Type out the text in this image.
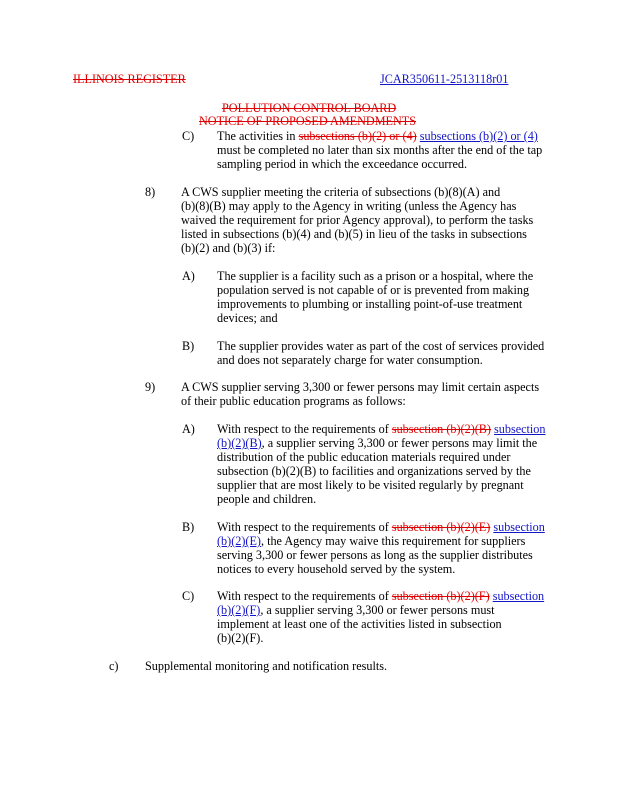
ILLINOIS REGISTER	JCAR350611-2513118r01
POLLUTION CONTROL BOARD
NOTICE OF PROPOSED AMENDMENTS
C) The activities in subsections (b)(2) or (4) subsections (b)(2) or (4)
must be completed no later than six months after the end of the tap
sampling period in which the exceedance occurred.
8) A CWS supplier meeting the criteria of subsections (b)(8)(A) and
(b)(8)(B) may apply to the Agency in writing (unless the Agency has
waived the requirement for prior Agency approval), to perform the tasks
listed in subsections (b)(4) and (b)(5) in lieu of the tasks in subsections
(b)(2) and (b)(3) if:
A) The supplier is a facility such as a prison or a hospital, where the
population served is not capable of or is prevented from making
improvements to plumbing or installing point-of-use treatment
devices; and
B) The supplier provides water as part of the cost of services provided
and does not separately charge for water consumption.
9) A CWS supplier serving 3,300 or fewer persons may limit certain aspects
of their public education programs as follows:
A) With respect to the requirements of subsection (b)(2)(B) subsection
(b)(2)(B), a supplier serving 3,300 or fewer persons may limit the
distribution of the public education materials required under
subsection (b)(2)(B) to facilities and organizations served by the
supplier that are most likely to be visited regularly by pregnant
people and children.
B) With respect to the requirements of subsection (b)(2)(E) subsection
(b)(2)(E), the Agency may waive this requirement for suppliers
serving 3,300 or fewer persons as long as the supplier distributes
notices to every household served by the system.
C) With respect to the requirements of subsection (b)(2)(F) subsection
(b)(2)(F), a supplier serving 3,300 or fewer persons must
implement at least one of the activities listed in subsection
(b)(2)(F).
c) Supplemental monitoring and notification results.
